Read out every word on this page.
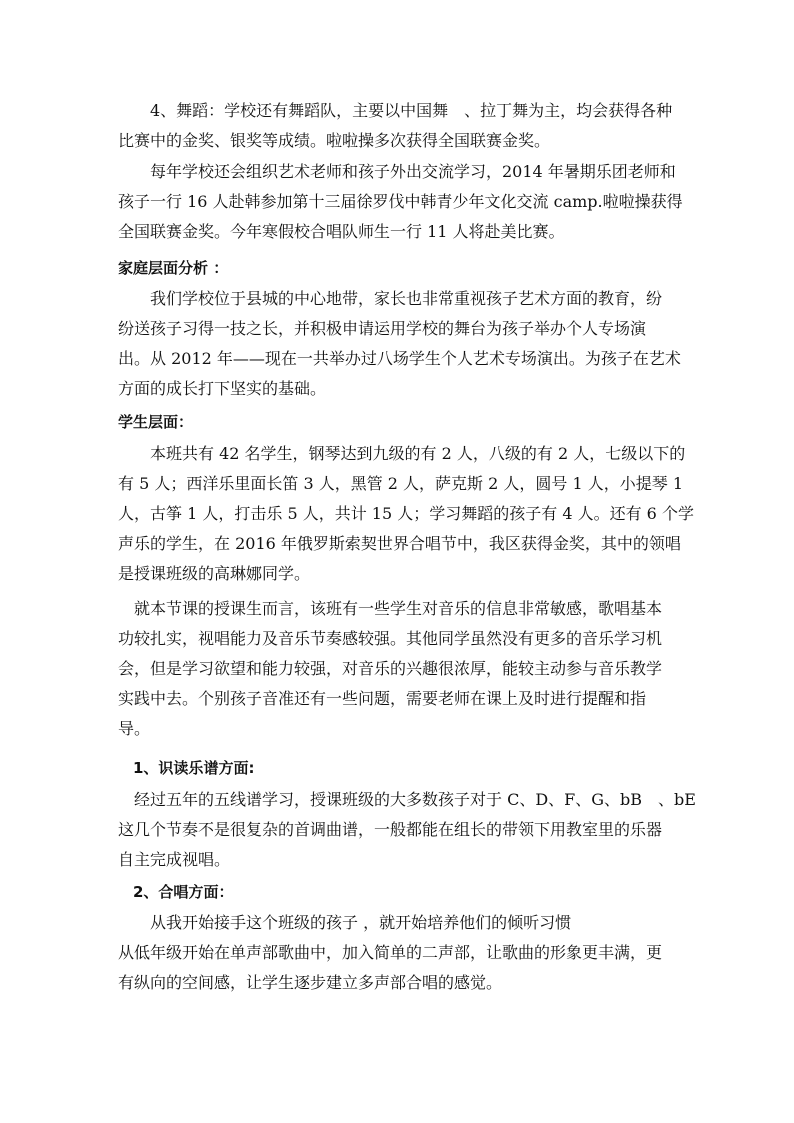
　　4、舞蹈：学校还有舞蹈队，主要以中国舞　、拉丁舞为主，均会获得各种
比赛中的金奖、银奖等成绩。啦啦操多次获得全国联赛金奖。

　　每年学校还会组织艺术老师和孩子外出交流学习，2014 年暑期乐团老师和
孩子一行 16 人赴韩参加第十三届徐罗伐中韩青少年文化交流 camp.啦啦操获得
全国联赛金奖。今年寒假校合唱队师生一行 11 人将赴美比赛。

家庭层面分析 ：

　　我们学校位于县城的中心地带，家长也非常重视孩子艺术方面的教育，纷
纷送孩子习得一技之长，并积极申请运用学校的舞台为孩子举办个人专场演
出。从 2012 年——现在一共举办过八场学生个人艺术专场演出。为孩子在艺术
方面的成长打下坚实的基础。

学生层面：

　　本班共有 42 名学生，钢琴达到九级的有 2 人，八级的有 2 人，七级以下的
有 5 人；西洋乐里面长笛 3 人，黑管 2 人，萨克斯 2 人，圆号 1 人，小提琴 1
人，古筝 1 人，打击乐 5 人，共计 15 人；学习舞蹈的孩子有 4 人。还有 6 个学
声乐的学生，在 2016 年俄罗斯索契世界合唱节中，我区获得金奖，其中的领唱
是授课班级的高琳娜同学。

　就本节课的授课生而言，该班有一些学生对音乐的信息非常敏感，歌唱基本
功较扎实，视唱能力及音乐节奏感较强。其他同学虽然没有更多的音乐学习机
会，但是学习欲望和能力较强，对音乐的兴趣很浓厚，能较主动参与音乐教学
实践中去。个别孩子音准还有一些问题，需要老师在课上及时进行提醒和指
导。

　1、识读乐谱方面:

　经过五年的五线谱学习，授课班级的大多数孩子对于 C、D、F、G、bB　、bE
这几个节奏不是很复杂的首调曲谱，一般都能在组长的带领下用教室里的乐器
自主完成视唱。

　2、合唱方面：

　　从我开始接手这个班级的孩子 ，就开始培养他们的倾听习惯
从低年级开始在单声部歌曲中，加入简单的二声部，让歌曲的形象更丰满，更
有纵向的空间感，让学生逐步建立多声部合唱的感觉。
